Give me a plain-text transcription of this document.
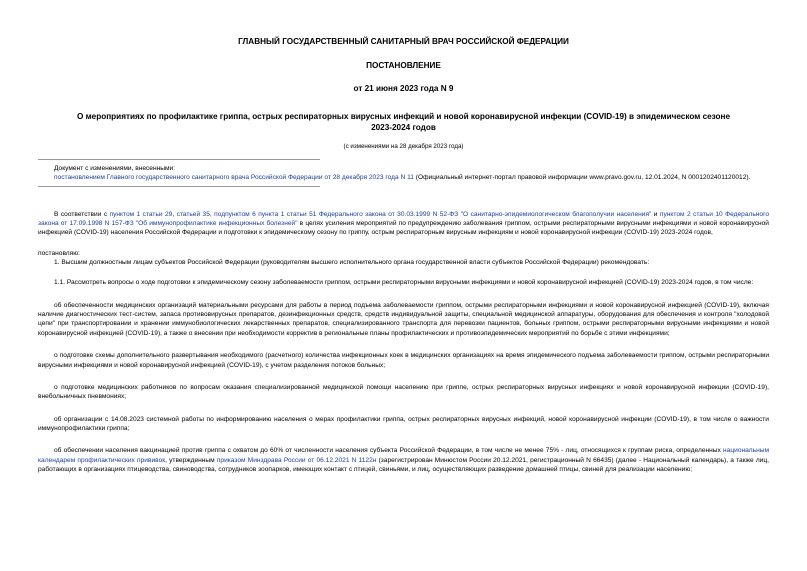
ГЛАВНЫЙ ГОСУДАРСТВЕННЫЙ САНИТАРНЫЙ ВРАЧ РОССИЙСКОЙ ФЕДЕРАЦИИ
ПОСТАНОВЛЕНИЕ
от 21 июня 2023 года N 9
О мероприятиях по профилактике гриппа, острых респираторных вирусных инфекций и новой коронавирусной инфекции (COVID-19) в эпидемическом сезоне 2023-2024 годов
(с изменениями на 28 декабря 2023 года)

Документ с изменениями, внесенными:

постановлением Главного государственного санитарного врача Российской Федерации от 28 декабря 2023 года N 11 (Официальный интернет-портал правовой информации www.pravo.gov.ru, 12.01.2024, N 0001202401120012).

В соответствии с пунктом 1 статьи 29, статьей 35, подпунктом 6 пункта 1 статьи 51 Федерального закона от 30.03.1999 N 52-ФЗ "О санитарно-эпидемиологическом благополучии населения" и пунктом 2 статьи 10 Федерального закона от 17.09.1998 N 157-ФЗ "Об иммунопрофилактике инфекционных болезней" в целях усиления мероприятий по предупреждению заболевания гриппом, острыми респираторными вирусными инфекциями и новой коронавирусной инфекцией (COVID-19) населения Российской Федерации и подготовки к эпидемическому сезону по гриппу, острым респираторным вирусным инфекциям и новой коронавирусной инфекции (COVID-19) 2023-2024 годов,

постановляю:

1. Высшим должностным лицам субъектов Российской Федерации (руководителям высшего исполнительного органа государственной власти субъектов Российской Федерации) рекомендовать:

1.1. Рассмотреть вопросы о ходе подготовки к эпидемическому сезону заболеваемости гриппом, острыми респираторными вирусными инфекциями и новой коронавирусной инфекцией (COVID-19) 2023-2024 годов, в том числе:

об обеспеченности медицинских организаций материальными ресурсами для работы в период подъема заболеваемости гриппом, острыми респираторными инфекциями и новой коронавирусной инфекцией (COVID-19), включая наличие диагностических тест-систем, запаса противовирусных препаратов, дезинфекционных средств, средств индивидуальной защиты, специальной медицинской аппаратуры, оборудования для обеспечения и контроля "холодовой цепи" при транспортировании и хранении иммунобиологических лекарственных препаратов, специализированного транспорта для перевозки пациентов, больных гриппом, острыми респираторными вирусными инфекциями и новой коронавирусной инфекцией (COVID-19), а также о внесении при необходимости корректив в региональные планы профилактических и противоэпидемических мероприятий по борьбе с этими инфекциями;

о подготовке схемы дополнительного развертывания необходимого (расчетного) количества инфекционных коек в медицинских организациях на время эпидемического подъема заболеваемости гриппом, острыми респираторными вирусными инфекциями и новой коронавирусной инфекцией (COVID-19), с учетом разделения потоков больных;

о подготовке медицинских работников по вопросам оказания специализированной медицинской помощи населению при гриппе, острых респираторных вирусных инфекциях и новой коронавирусной инфекции (COVID-19), внебольничных пневмониях;

об организации с 14.08.2023 системной работы по информированию населения о мерах профилактики гриппа, острых респираторных вирусных инфекций, новой коронавирусной инфекции (COVID-19), в том числе о важности иммунопрофилактики гриппа;

об обеспечении населения вакцинацией против гриппа с охватом до 60% от численности населения субъекта Российской Федерации, в том числе не менее 75% - лиц, относящихся к группам риска, определенных национальным календарем профилактических прививок, утвержденным приказом Минздрава России от 06.12.2021 N 1122н (зарегистрирован Минюстом России 20.12.2021, регистрационный N 66435) (далее - Национальный календарь), а также лиц, работающих в организациях птицеводства, свиноводства, сотрудников зоопарков, имеющих контакт с птицей, свиньями, и лиц, осуществляющих разведение домашней птицы, свиней для реализации населению;
